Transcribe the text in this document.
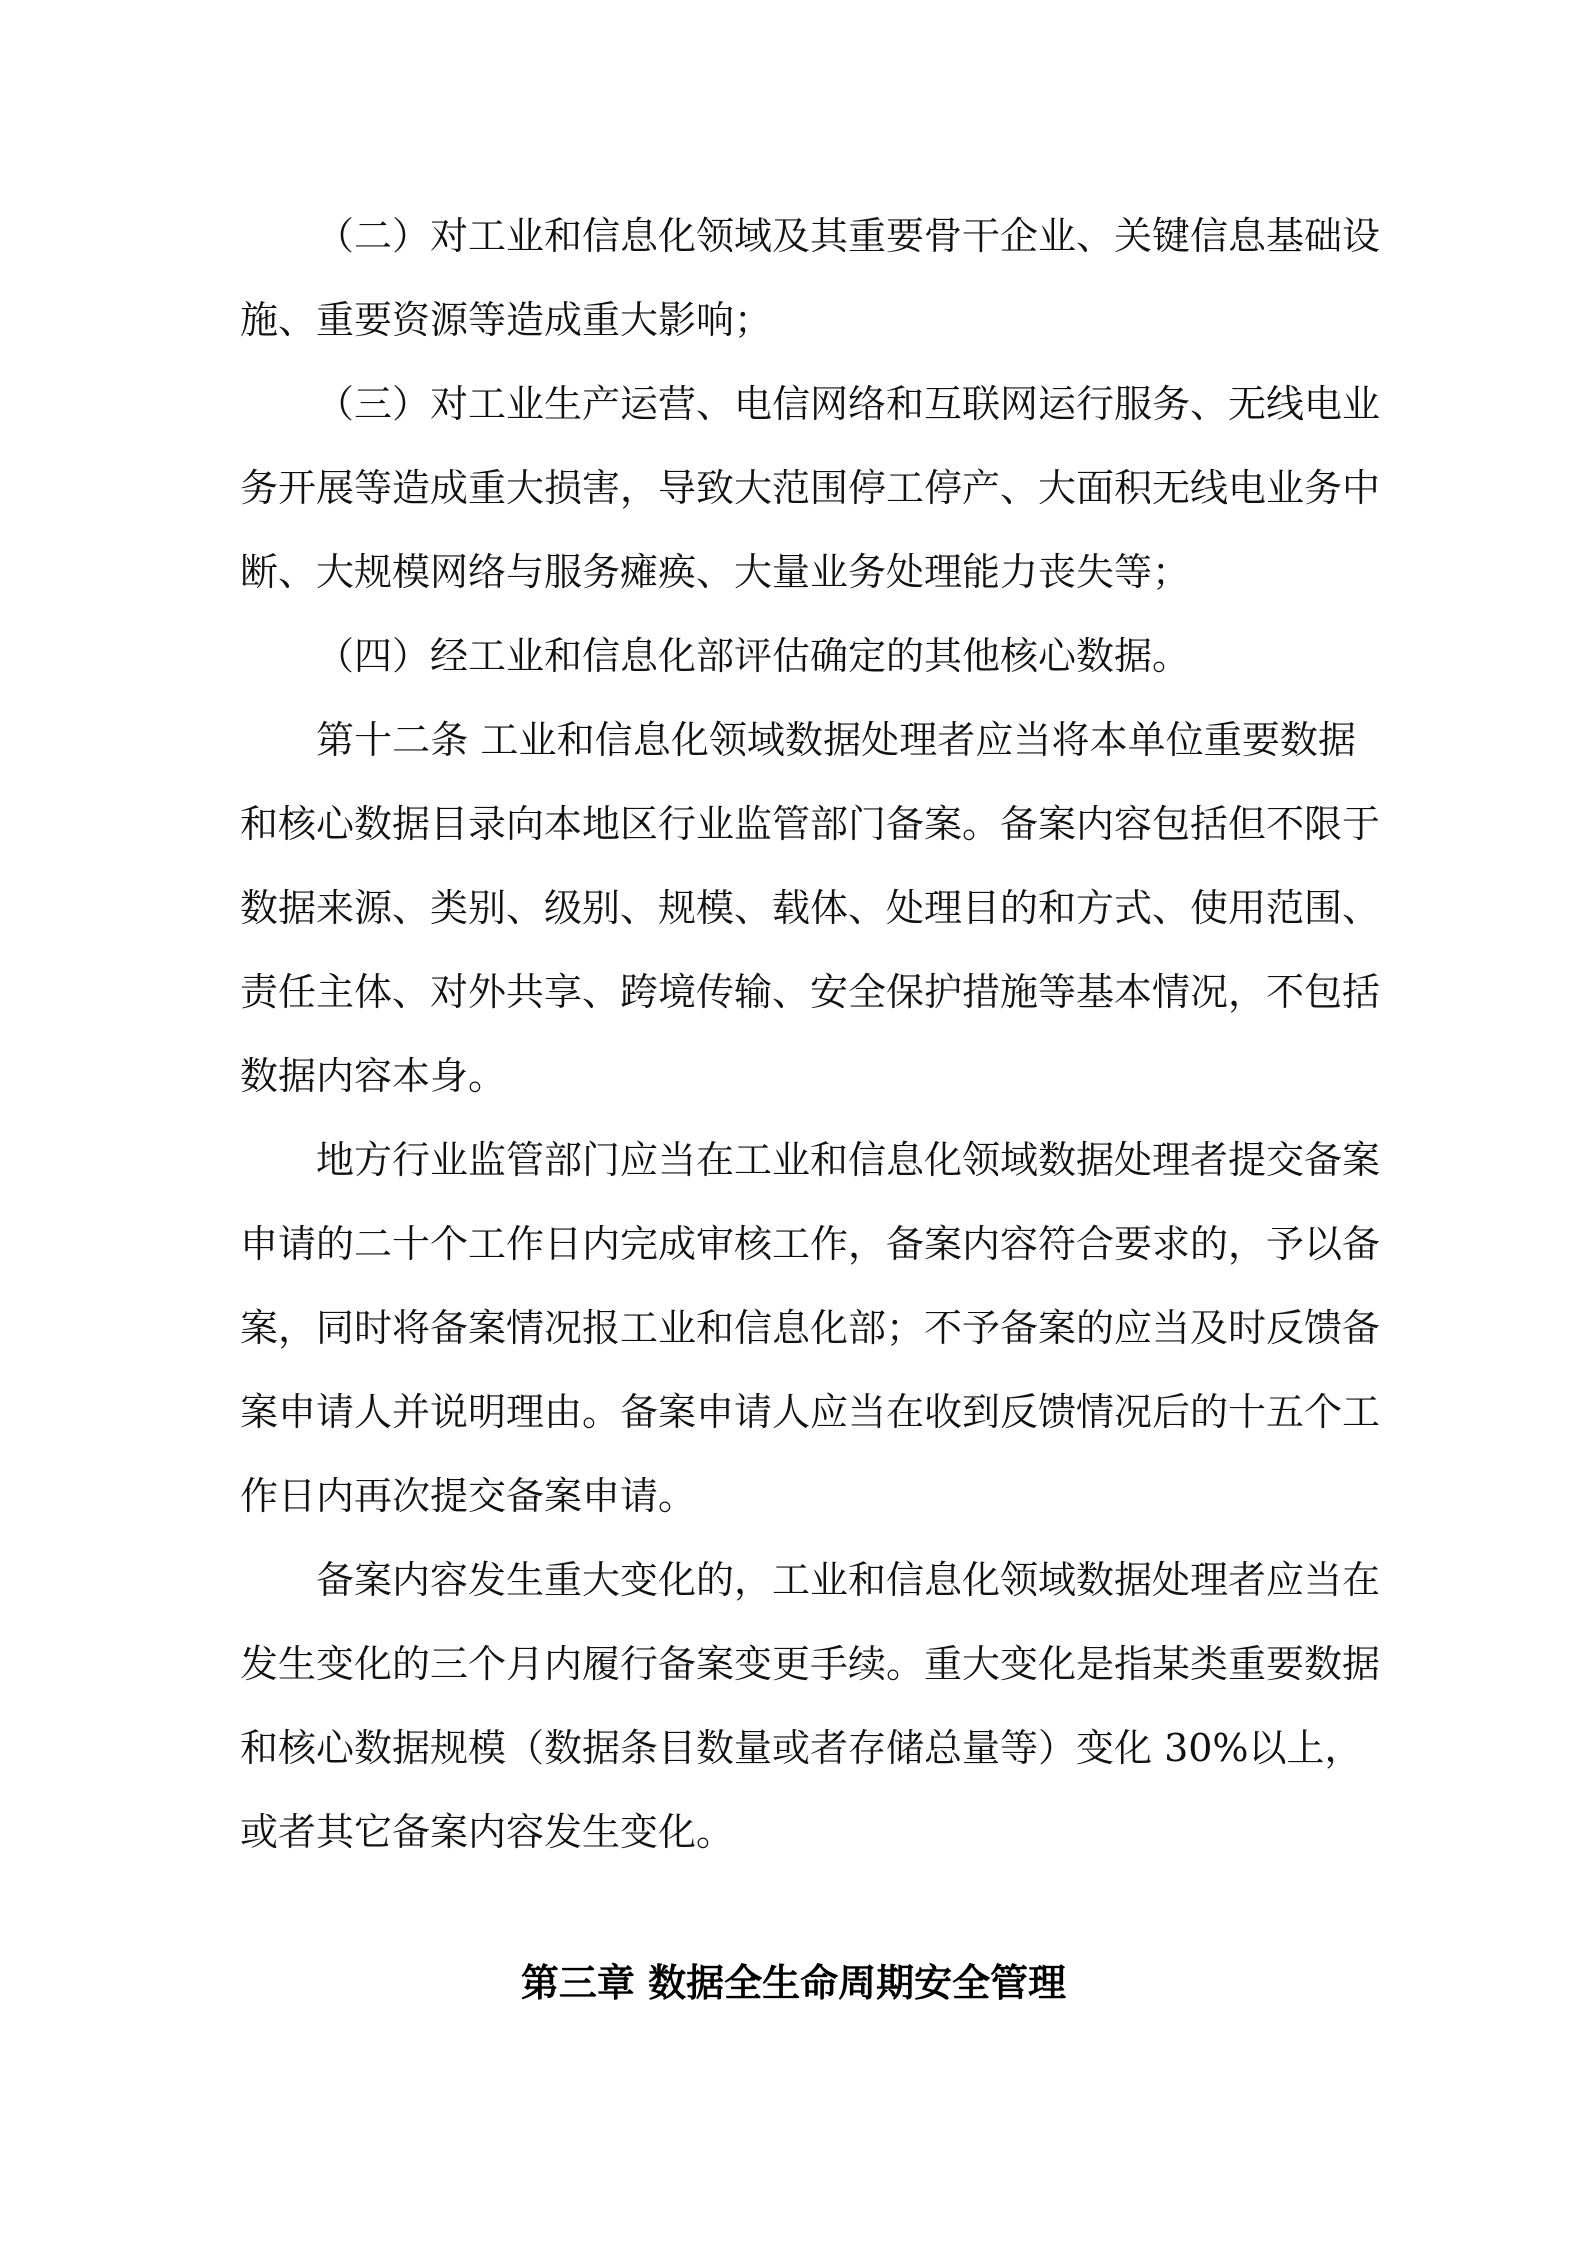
（二）对工业和信息化领域及其重要骨干企业、关键信息基础设
施、重要资源等造成重大影响；
（三）对工业生产运营、电信网络和互联网运行服务、无线电业
务开展等造成重大损害，导致大范围停工停产、大面积无线电业务中
断、大规模网络与服务瘫痪、大量业务处理能力丧失等；
（四）经工业和信息化部评估确定的其他核心数据。
第十二条 工业和信息化领域数据处理者应当将本单位重要数据
和核心数据目录向本地区行业监管部门备案。备案内容包括但不限于
数据来源、类别、级别、规模、载体、处理目的和方式、使用范围、
责任主体、对外共享、跨境传输、安全保护措施等基本情况，不包括
数据内容本身。
地方行业监管部门应当在工业和信息化领域数据处理者提交备案
申请的二十个工作日内完成审核工作，备案内容符合要求的，予以备
案，同时将备案情况报工业和信息化部；不予备案的应当及时反馈备
案申请人并说明理由。备案申请人应当在收到反馈情况后的十五个工
作日内再次提交备案申请。
备案内容发生重大变化的，工业和信息化领域数据处理者应当在
发生变化的三个月内履行备案变更手续。重大变化是指某类重要数据
和核心数据规模（数据条目数量或者存储总量等）变化 30%以上，
或者其它备案内容发生变化。
第三章 数据全生命周期安全管理
